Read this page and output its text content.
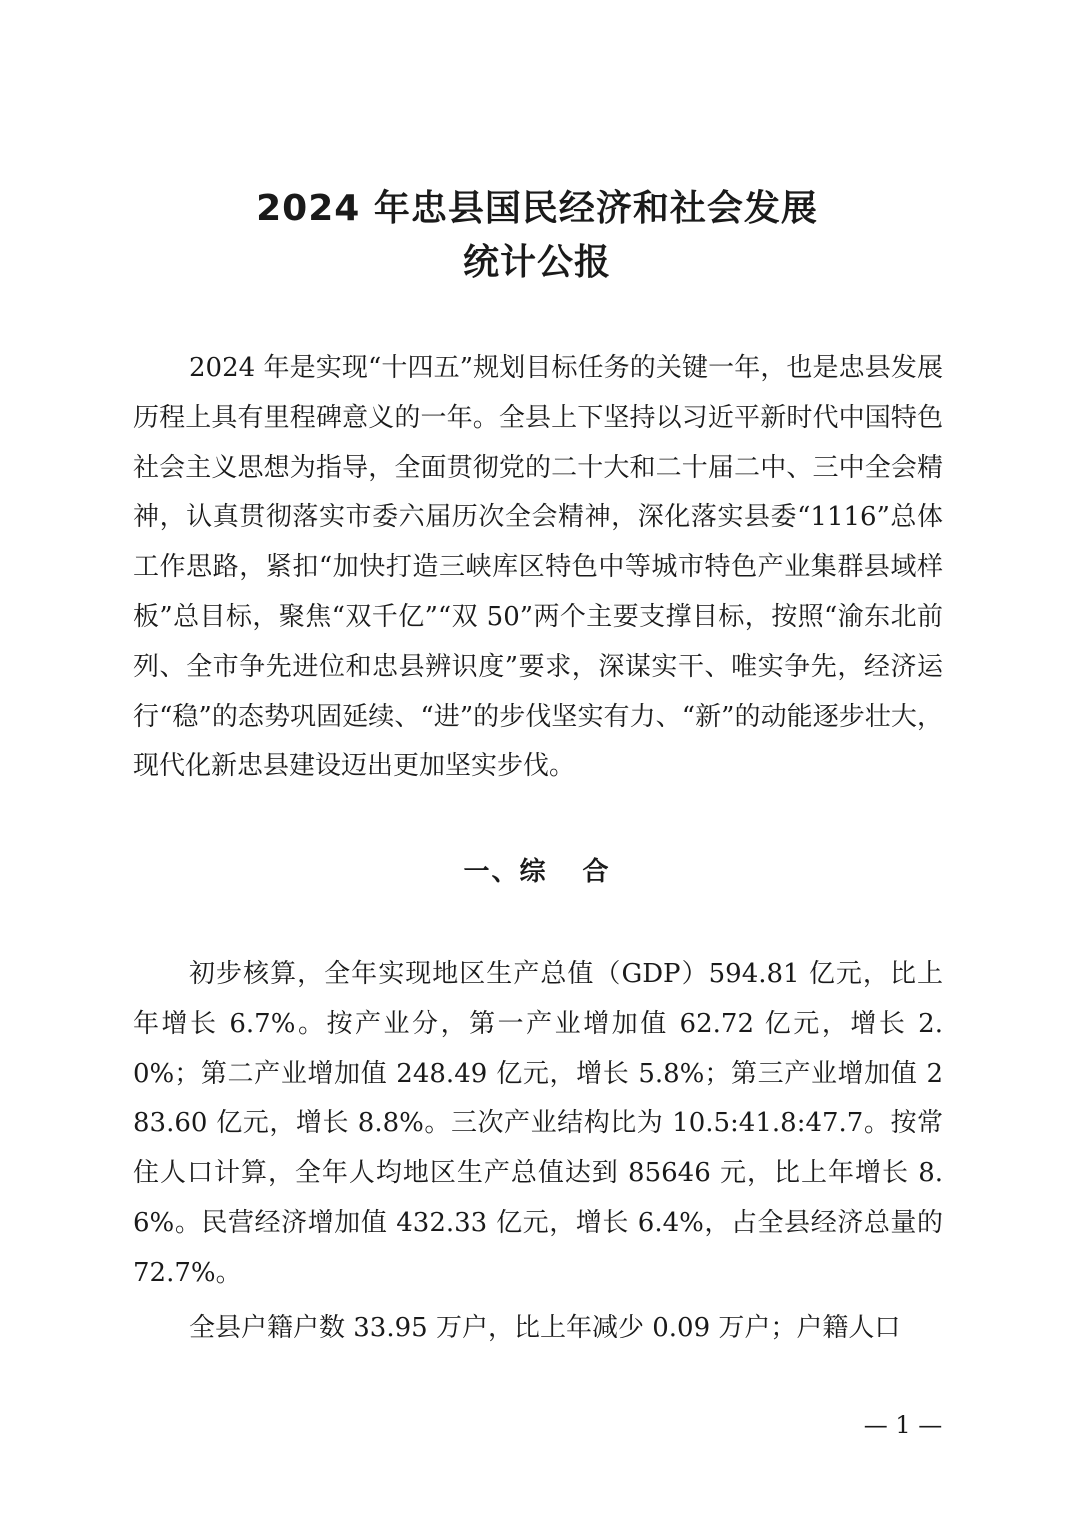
2024 年忠县国民经济和社会发展
统计公报

2024 年是实现“十四五”规划目标任务的关键一年，也是忠县发展历程上具有里程碑意义的一年。全县上下坚持以习近平新时代中国特色社会主义思想为指导，全面贯彻党的二十大和二十届二中、三中全会精神，认真贯彻落实市委六届历次全会精神，深化落实县委“1116”总体工作思路，紧扣“加快打造三峡库区特色中等城市特色产业集群县域样板”总目标，聚焦“双千亿”“双 50”两个主要支撑目标，按照“渝东北前列、全市争先进位和忠县辨识度”要求，深谋实干、唯实争先，经济运行“稳”的态势巩固延续、“进”的步伐坚实有力、“新”的动能逐步壮大，现代化新忠县建设迈出更加坚实步伐。

一、综 合

初步核算，全年实现地区生产总值（GDP）594.81 亿元，比上年增长 6.7%。按产业分，第一产业增加值 62.72 亿元，增长 2.0%；第二产业增加值 248.49 亿元，增长 5.8%；第三产业增加值 283.60 亿元，增长 8.8%。三次产业结构比为 10.5:41.8:47.7。按常住人口计算，全年人均地区生产总值达到 85646 元，比上年增长 8.6%。民营经济增加值 432.33 亿元，增长 6.4%，占全县经济总量的 72.7%。

全县户籍户数 33.95 万户，比上年减少 0.09 万户；户籍人口

— 1 —
